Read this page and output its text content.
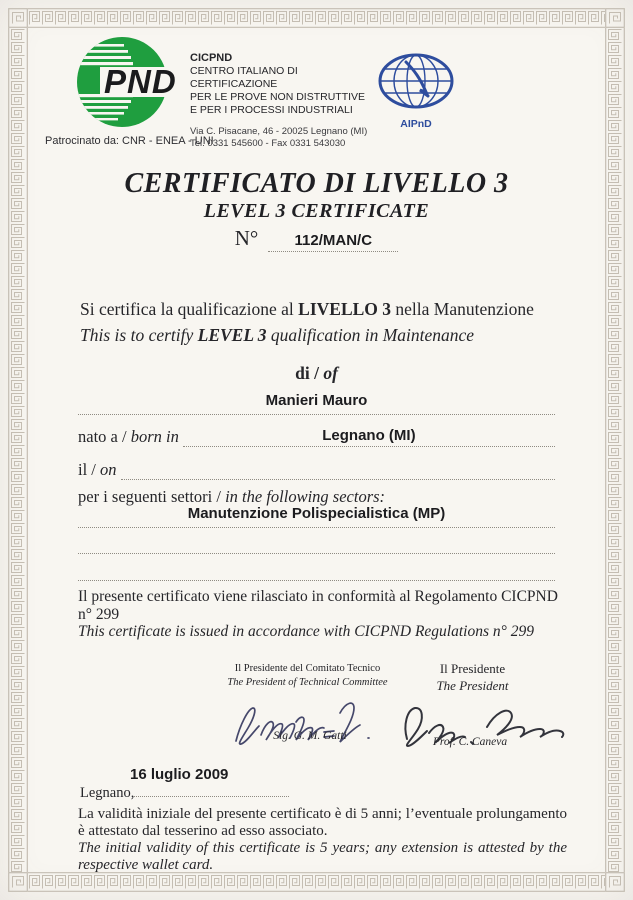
PND
CICPND
CENTRO ITALIANO DI CERTIFICAZIONE
PER LE PROVE NON DISTRUTTIVE
E PER I PROCESSI INDUSTRIALI
Via C. Pisacane, 46 - 20025 Legnano (MI)
Tel. 0331 545600 - Fax 0331 543030
AIPnD
Patrocinato da: CNR - ENEA - UNI
CERTIFICATO DI LIVELLO 3
LEVEL 3 CERTIFICATE
N° 112/MAN/C
Si certifica la qualificazione al LIVELLO 3 nella Manutenzione
This is to certify LEVEL 3 qualification in Maintenance
di / of
Manieri Mauro
nato a / born in	Legnano (MI)
il / on
per i seguenti settori / in the following sectors:
Manutenzione Polispecialistica (MP)
Il presente certificato viene rilasciato in conformità al Regolamento CICPND n° 299
This certificate is issued in accordance with CICPND Regulations n° 299
Il Presidente del Comitato Tecnico
The President of Technical Committee
Il Presidente
The President
Sig. G. M. Gatti	Prof. C. Caneva
16 luglio 2009
Legnano,
La validità iniziale del presente certificato è di 5 anni; l’eventuale prolungamento è attestato dal tesserino ad esso associato.
The initial validity of this certificate is 5 years; any extension is attested by the respective wallet card.
